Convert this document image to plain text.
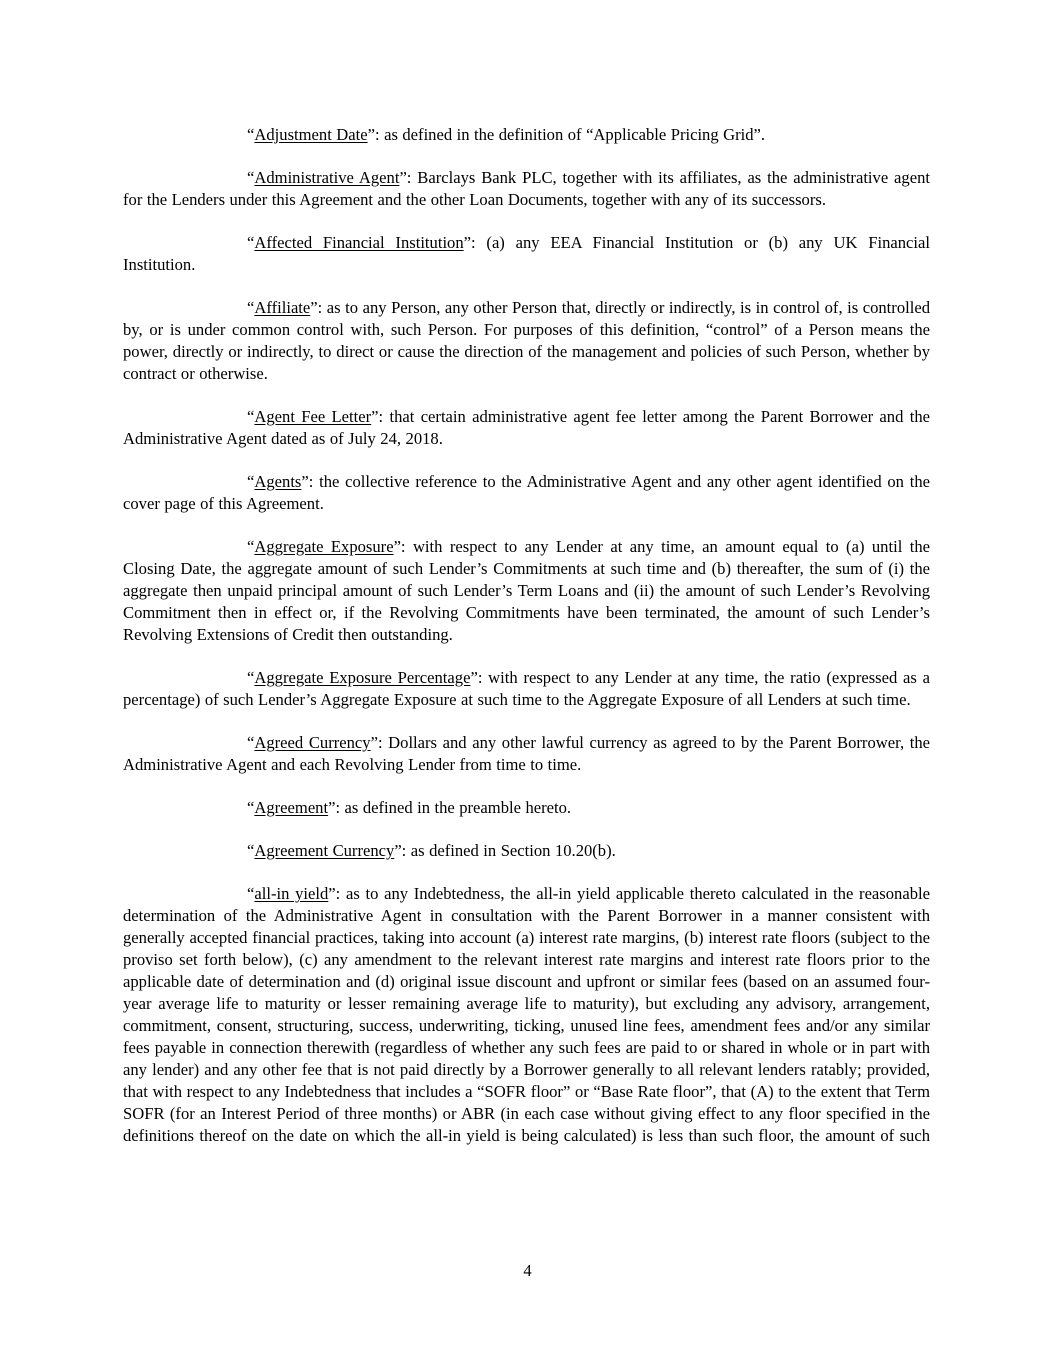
“Adjustment Date”: as defined in the definition of “Applicable Pricing Grid”.

“Administrative Agent”: Barclays Bank PLC, together with its affiliates, as the administrative agent for the Lenders under this Agreement and the other Loan Documents, together with any of its successors.

“Affected Financial Institution”: (a) any EEA Financial Institution or (b) any UK Financial Institution.

“Affiliate”: as to any Person, any other Person that, directly or indirectly, is in control of, is controlled by, or is under common control with, such Person. For purposes of this definition, “control” of a Person means the power, directly or indirectly, to direct or cause the direction of the management and policies of such Person, whether by contract or otherwise.

“Agent Fee Letter”: that certain administrative agent fee letter among the Parent Borrower and the Administrative Agent dated as of July 24, 2018.

“Agents”: the collective reference to the Administrative Agent and any other agent identified on the cover page of this Agreement.

“Aggregate Exposure”: with respect to any Lender at any time, an amount equal to (a) until the Closing Date, the aggregate amount of such Lender’s Commitments at such time and (b) thereafter, the sum of (i) the aggregate then unpaid principal amount of such Lender’s Term Loans and (ii) the amount of such Lender’s Revolving Commitment then in effect or, if the Revolving Commitments have been terminated, the amount of such Lender’s Revolving Extensions of Credit then outstanding.

“Aggregate Exposure Percentage”: with respect to any Lender at any time, the ratio (expressed as a percentage) of such Lender’s Aggregate Exposure at such time to the Aggregate Exposure of all Lenders at such time.

“Agreed Currency”: Dollars and any other lawful currency as agreed to by the Parent Borrower, the Administrative Agent and each Revolving Lender from time to time.

“Agreement”: as defined in the preamble hereto.

“Agreement Currency”: as defined in Section 10.20(b).

“all-in yield”: as to any Indebtedness, the all-in yield applicable thereto calculated in the reasonable determination of the Administrative Agent in consultation with the Parent Borrower in a manner consistent with generally accepted financial practices, taking into account (a) interest rate margins, (b) interest rate floors (subject to the proviso set forth below), (c) any amendment to the relevant interest rate margins and interest rate floors prior to the applicable date of determination and (d) original issue discount and upfront or similar fees (based on an assumed four-year average life to maturity or lesser remaining average life to maturity), but excluding any advisory, arrangement, commitment, consent, structuring, success, underwriting, ticking, unused line fees, amendment fees and/or any similar fees payable in connection therewith (regardless of whether any such fees are paid to or shared in whole or in part with any lender) and any other fee that is not paid directly by a Borrower generally to all relevant lenders ratably; provided, that with respect to any Indebtedness that includes a “SOFR floor” or “Base Rate floor”, that (A) to the extent that Term SOFR (for an Interest Period of three months) or ABR (in each case without giving effect to any floor specified in the definitions thereof on the date on which the all-in yield is being calculated) is less than such floor, the amount of such

4
